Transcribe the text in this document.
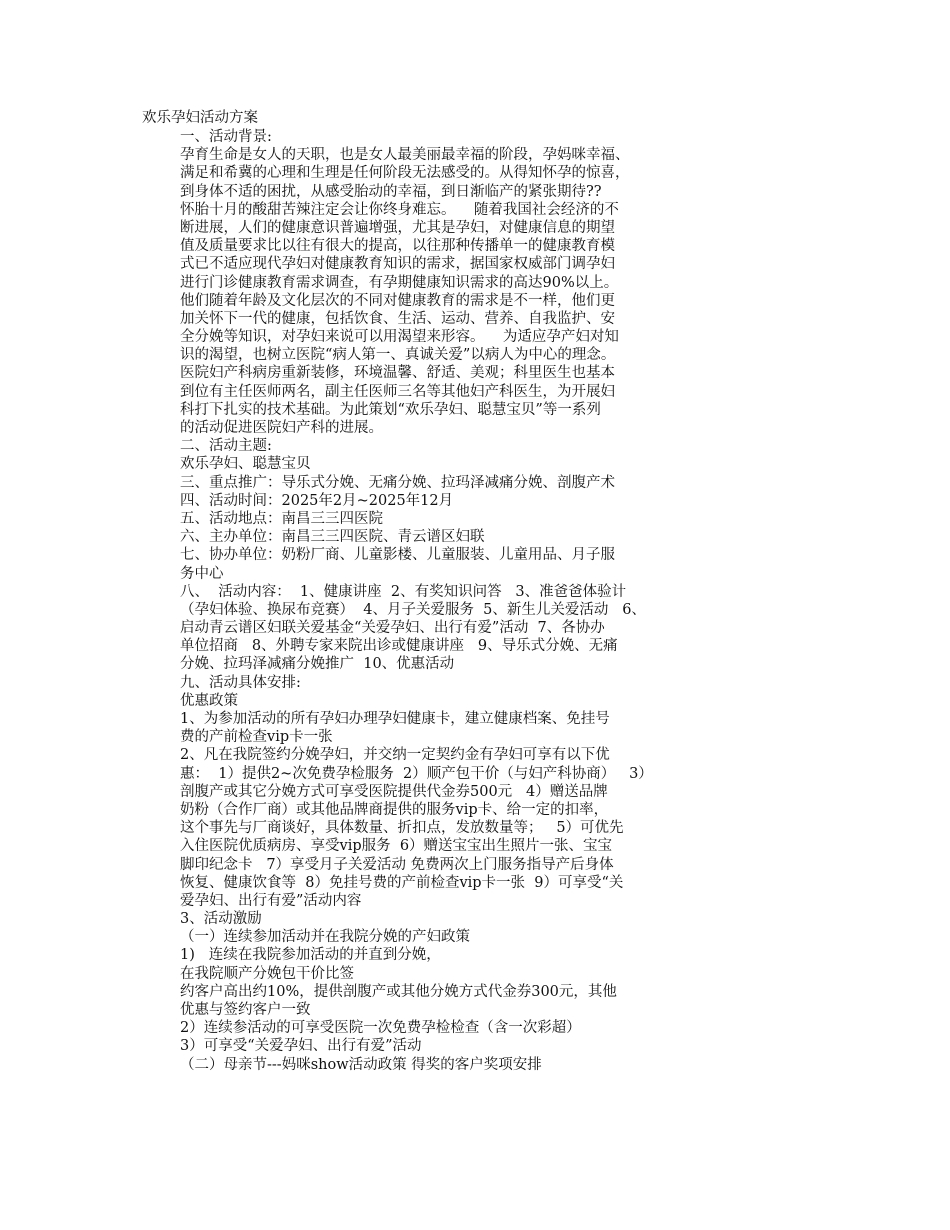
欢乐孕妇活动方案
一、活动背景:
孕育生命是女人的天职，也是女人最美丽最幸福的阶段，孕妈咪幸福、
满足和希冀的心理和生理是任何阶段无法感受的。从得知怀孕的惊喜，
到身体不适的困扰，从感受胎动的幸福，到日渐临产的紧张期待??
怀胎十月的酸甜苦辣注定会让你终身难忘。    随着我国社会经济的不
断进展，人们的健康意识普遍增强，尤其是孕妇，对健康信息的期望
值及质量要求比以往有很大的提高，以往那种传播单一的健康教育模
式已不适应现代孕妇对健康教育知识的需求，据国家权威部门调孕妇
进行门诊健康教育需求调查，有孕期健康知识需求的高达90%以上。
他们随着年龄及文化层次的不同对健康教育的需求是不一样，他们更
加关怀下一代的健康，包括饮食、生活、运动、营养、自我监护、安
全分娩等知识，对孕妇来说可以用渴望来形容。    为适应孕产妇对知
识的渴望，也树立医院“病人第一、真诚关爱”以病人为中心的理念。
医院妇产科病房重新装修，环境温馨、舒适、美观；科里医生也基本
到位有主任医师两名，副主任医师三名等其他妇产科医生，为开展妇
科打下扎实的技术基础。为此策划“欢乐孕妇、聪慧宝贝”等一系列
的活动促进医院妇产科的进展。
二、活动主题:
欢乐孕妇、聪慧宝贝
三、重点推广：导乐式分娩、无痛分娩、拉玛泽减痛分娩、剖腹产术
四、活动时间：2025年2月~2025年12月
五、活动地点：南昌三三四医院
六、主办单位：南昌三三四医院、青云谱区妇联
七、协办单位：奶粉厂商、儿童影楼、儿童服装、儿童用品、月子服
务中心
八、  活动内容：  1、健康讲座  2、有奖知识问答   3、准爸爸体验计
（孕妇体验、换尿布竞赛）  4、月子关爱服务  5、新生儿关爱活动   6、
启动青云谱区妇联关爱基金“关爱孕妇、出行有爱”活动  7、各协办
单位招商   8、外聘专家来院出诊或健康讲座   9、导乐式分娩、无痛
分娩、拉玛泽减痛分娩推广  10、优惠活动
九、活动具体安排:
优惠政策
1、为参加活动的所有孕妇办理孕妇健康卡，建立健康档案、免挂号
费的产前检查vip卡一张
2、凡在我院签约分娩孕妇，并交纳一定契约金有孕妇可享有以下优
惠：  1）提供2~次免费孕检服务  2）顺产包干价（与妇产科协商）   3）
剖腹产或其它分娩方式可享受医院提供代金券500元   4）赠送品牌
奶粉（合作厂商）或其他品牌商提供的服务vip卡、给一定的扣率，
这个事先与厂商谈好，具体数量、折扣点，发放数量等；   5）可优先
入住医院优质病房、享受vip服务  6）赠送宝宝出生照片一张、宝宝
脚印纪念卡   7）享受月子关爱活动 免费两次上门服务指导产后身体
恢复、健康饮食等  8）免挂号费的产前检查vip卡一张  9）可享受“关
爱孕妇、出行有爱”活动内容
3、活动激励
（一）连续参加活动并在我院分娩的产妇政策
1)   连续在我院参加活动的并直到分娩，
在我院顺产分娩包干价比签
约客户高出约10%，提供剖腹产或其他分娩方式代金券300元，其他
优惠与签约客户一致
2）连续参活动的可享受医院一次免费孕检检查（含一次彩超）
3）可享受“关爱孕妇、出行有爱”活动
（二）母亲节---妈咪show活动政策 得奖的客户奖项安排
